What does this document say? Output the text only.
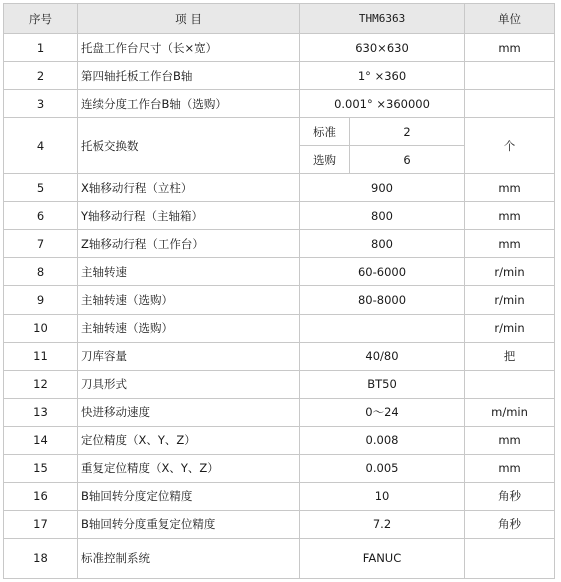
序号	项 目	THM6363		单位
1	托盘工作台尺寸（长×宽）	630×630		mm
2	第四轴托板工作台B轴	1° ×360		
3	连续分度工作台B轴（选购）	0.001° ×360000		
4	托板交换数	标准	2	个
		选购	6	
5	X轴移动行程（立柱）	900		mm
6	Y轴移动行程（主轴箱）	800		mm
7	Z轴移动行程（工作台）	800		mm
8	主轴转速	60-6000		r/min
9	主轴转速（选购）	80-8000		r/min
10	主轴转速（选购）			r/min
11	刀库容量	40/80		把
12	刀具形式	BT50		
13	快进移动速度	0～24		m/min
14	定位精度（X、Y、Z）	0.008		mm
15	重复定位精度（X、Y、Z）	0.005		mm
16	B轴回转分度定位精度	10		角秒
17	B轴回转分度重复定位精度	7.2		角秒
18	标准控制系统	FANUC		
